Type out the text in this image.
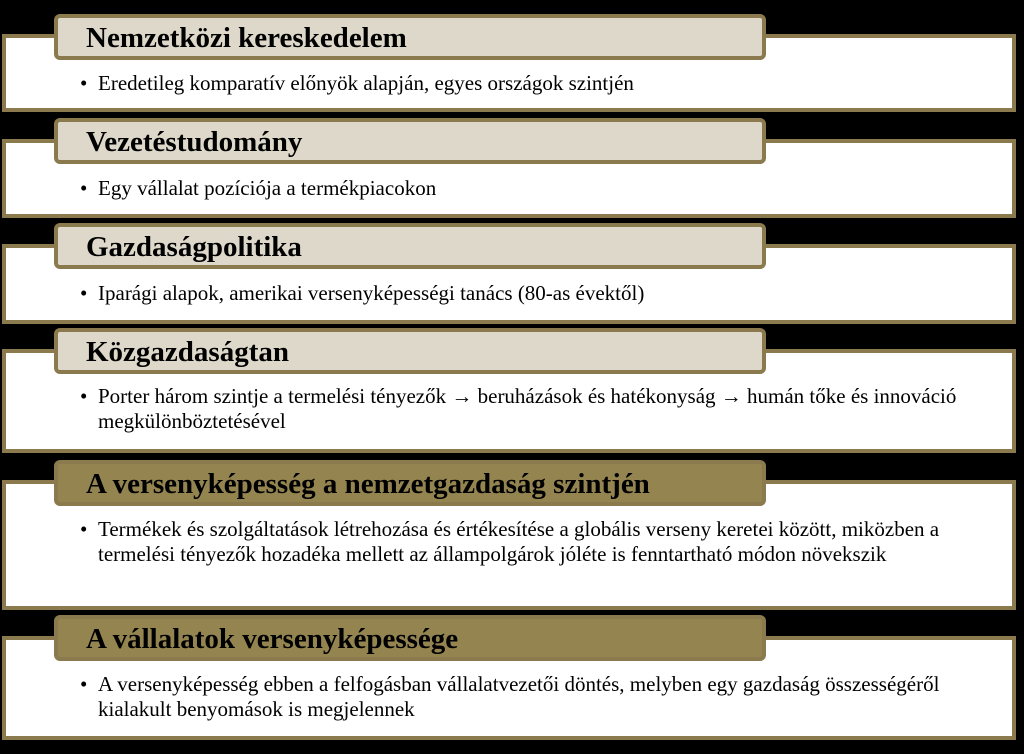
Nemzetközi kereskedelem
• Eredetileg komparatív előnyök alapján, egyes országok szintjén
Vezetéstudomány
• Egy vállalat pozíciója a termékpiacokon
Gazdaságpolitika
• Iparági alapok, amerikai versenyképességi tanács (80-as évektől)
Közgazdaságtan
• Porter három szintje a termelési tényezők → beruházások és hatékonyság → humán tőke és innováció megkülönböztetésével
A versenyképesség a nemzetgazdaság szintjén
• Termékek és szolgáltatások létrehozása és értékesítése a globális verseny keretei között, miközben a termelési tényezők hozadéka mellett az állampolgárok jóléte is fenntartható módon növekszik
A vállalatok versenyképessége
• A versenyképesség ebben a felfogásban vállalatvezetői döntés, melyben egy gazdaság összességéről kialakult benyomások is megjelennek
